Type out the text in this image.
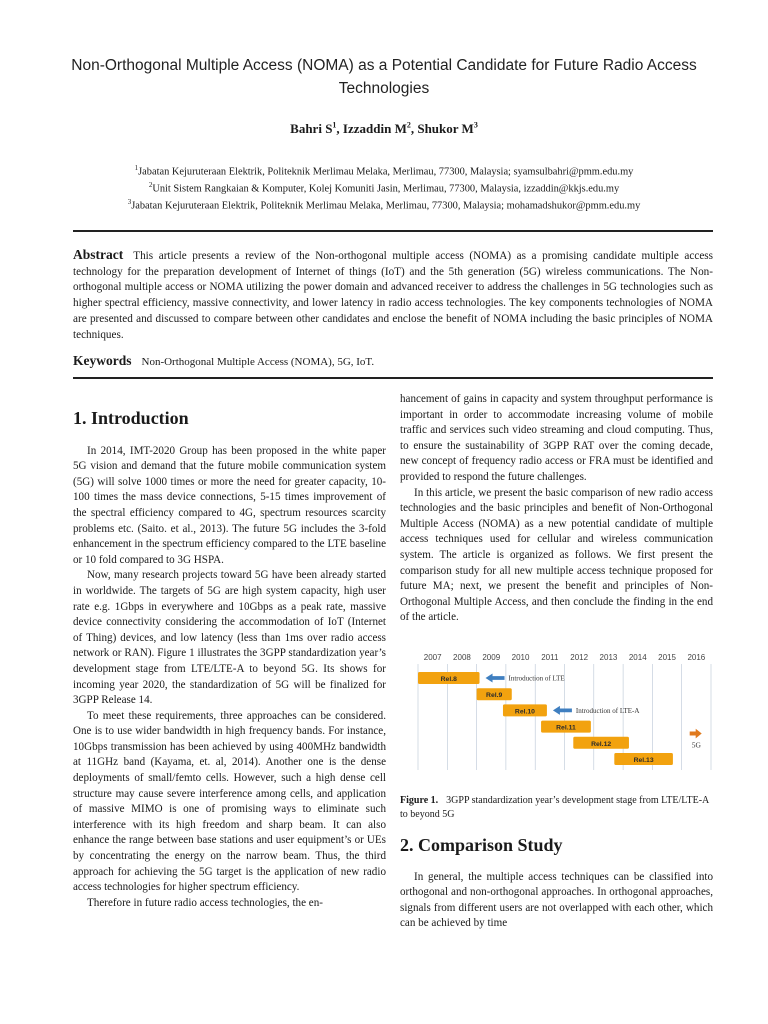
Non-Orthogonal Multiple Access (NOMA) as a Potential Candidate for Future Radio Access Technologies
Bahri $S^1$, Izzaddin $M^2$, Shukor $M^3$
$^1$Jabatan Kejuruteraan Elektrik, Politeknik Merlimau Melaka, Merlimau, 77300, Malaysia; syamsulbahri@pmm.edu.my
$^2$Unit Sistem Rangkaian & Komputer, Kolej Komuniti Jasin, Merlimau, 77300, Malaysia, izzaddin@kkjs.edu.my
$^3$Jabatan Kejuruteraan Elektrik, Politeknik Merlimau Melaka, Merlimau, 77300, Malaysia; mohamadshukor@pmm.edu.my

Abstract This article presents a review of the Non-orthogonal multiple access (NOMA) as a promising candidate multiple access technology for the preparation development of Internet of things (IoT) and the 5th generation (5G) wireless communications. The Non-orthogonal multiple access or NOMA utilizing the power domain and advanced receiver to address the challenges in 5G technologies such as higher spectral efficiency, massive connectivity, and lower latency in radio access technologies. The key components technologies of NOMA are presented and discussed to compare between other candidates and enclose the benefit of NOMA including the basic principles of NOMA techniques.

Keywords Non-Orthogonal Multiple Access (NOMA), 5G, IoT.

1. Introduction

In 2014, IMT-2020 Group has been proposed in the white paper 5G vision and demand that the future mobile communication system (5G) will solve 1000 times or more the need for greater capacity, 10-100 times the mass device connections, 5-15 times improvement of the spectral efficiency compared to 4G, spectrum resources scarcity problems etc. (Saito. et al., 2013). The future 5G includes the 3-fold enhancement in the spectrum efficiency compared to the LTE baseline or 10 fold compared to 3G HSPA.

Now, many research projects toward 5G have been already started in worldwide. The targets of 5G are high system capacity, high user rate e.g. 1Gbps in everywhere and 10Gbps as a peak rate, massive device connectivity considering the accommodation of IoT (Internet of Thing) devices, and low latency (less than 1ms over radio access network or RAN). Figure 1 illustrates the 3GPP standardization year’s development stage from LTE/LTE-A to beyond 5G. Its shows for incoming year 2020, the standardization of 5G will be finalized for 3GPP Release 14.

To meet these requirements, three approaches can be considered. One is to use wider bandwidth in high frequency bands. For instance, 10Gbps transmission has been achieved by using 400MHz bandwidth at 11GHz band (Kayama, et. al, 2014). Another one is the dense deployments of small/femto cells. However, such a high dense cell structure may cause severe interference among cells, and application of massive MIMO is one of promising ways to eliminate such interference with its high freedom and sharp beam. It can also enhance the range between base stations and user equipment’s or UEs by concentrating the energy on the narrow beam. Thus, the third approach for achieving the 5G target is the application of new radio access technologies for higher spectrum efficiency.

Therefore in future radio access technologies, the en-

hancement of gains in capacity and system throughput performance is important in order to accommodate increasing volume of mobile traffic and services such video streaming and cloud computing. Thus, to ensure the sustainability of 3GPP RAT over the coming decade, new concept of frequency radio access or FRA must be identified and provided to respond the future challenges.

In this article, we present the basic comparison of new radio access technologies and the basic principles and benefit of Non-Orthogonal Multiple Access (NOMA) as a new potential candidate of multiple access techniques used for cellular and wireless communication system. The article is organized as follows. We first present the comparison study for all new multiple access technique proposed for future MA; next, we present the benefit and principles of Non-Orthogonal Multiple Access, and then conclude the finding in the end of the article.

2007 2008 2009 2010 2011 2012 2013 2014 2015 2016
Rel.8
Rel.9
Rel.10
Rel.11
Rel.12
Rel.13
Introduction of LTE
Introduction of LTE-A
5G
Figure 1. 3GPP standardization year’s development stage from LTE/LTE-A to beyond 5G
2. Comparison Study

In general, the multiple access techniques can be classified into orthogonal and non-orthogonal approaches. In orthogonal approaches, signals from different users are not overlapped with each other, which can be achieved by time
